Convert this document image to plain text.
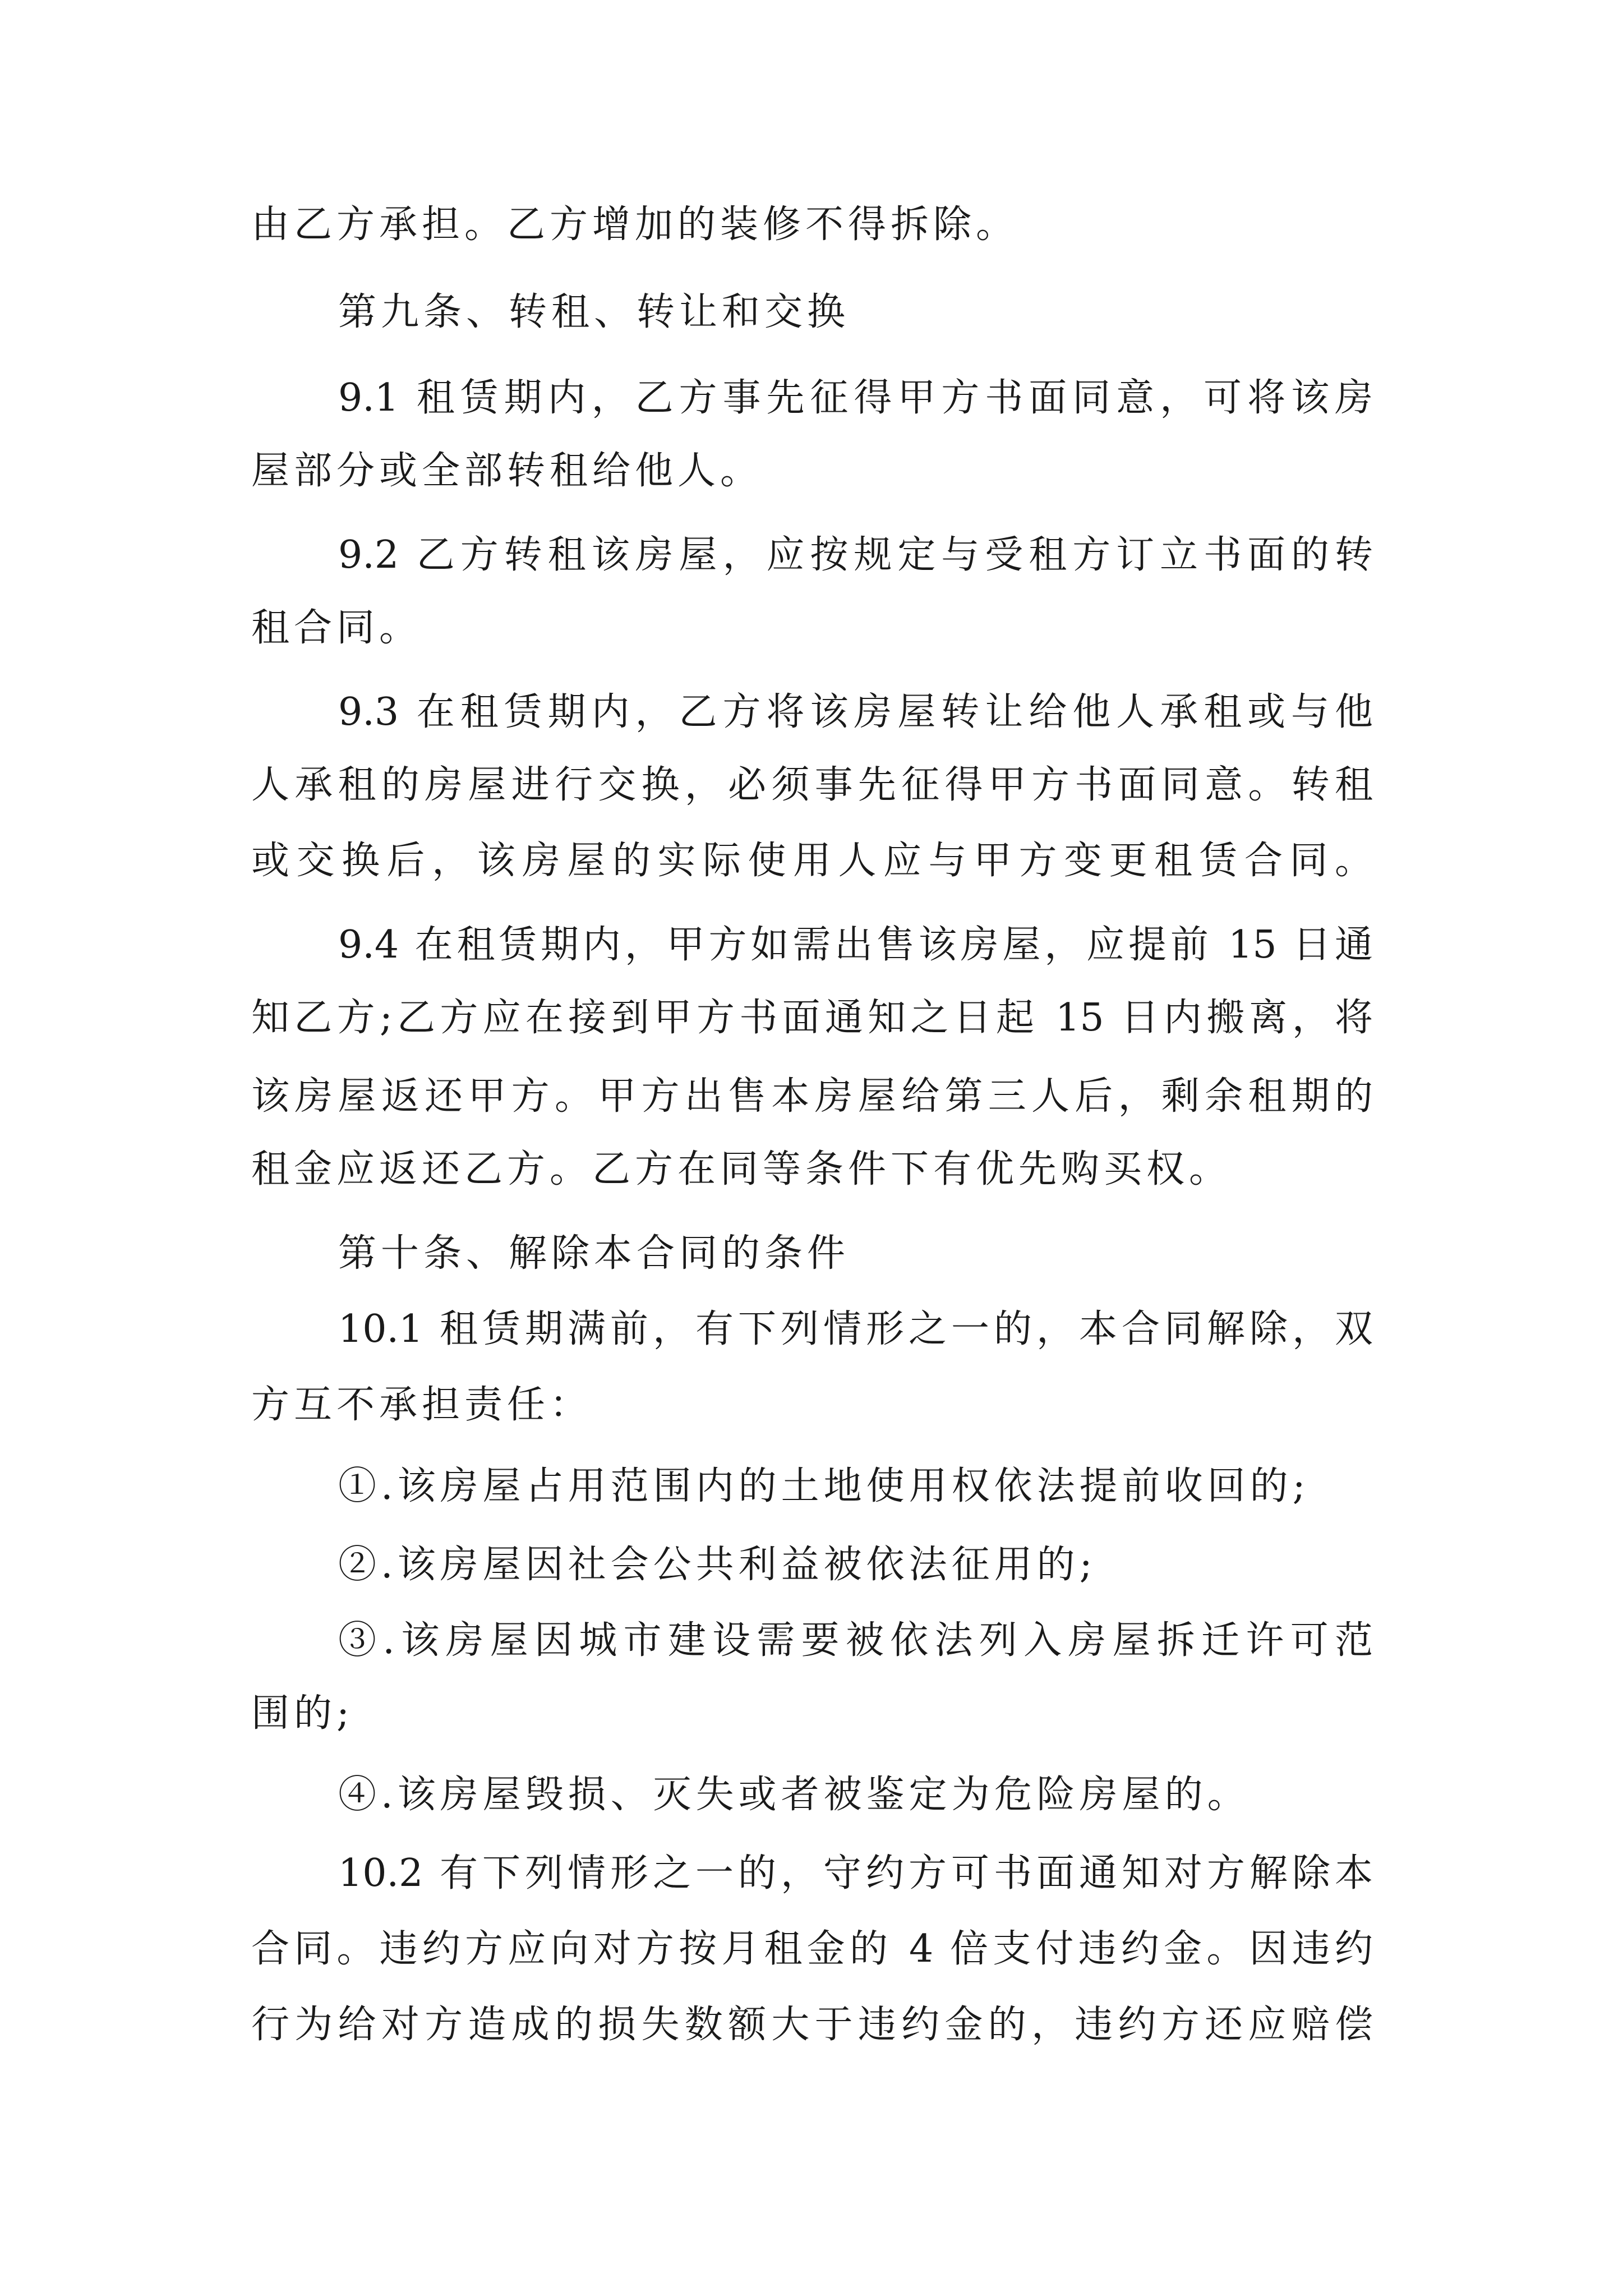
由乙方承担。乙方增加的装修不得拆除。
第九条、转租、转让和交换
9.1 租赁期内，乙方事先征得甲方书面同意，可将该房
屋部分或全部转租给他人。
9.2 乙方转租该房屋，应按规定与受租方订立书面的转
租合同。
9.3 在租赁期内，乙方将该房屋转让给他人承租或与他
人承租的房屋进行交换，必须事先征得甲方书面同意。转租
或交换后，该房屋的实际使用人应与甲方变更租赁合同。
9.4 在租赁期内，甲方如需出售该房屋，应提前 15 日通
知乙方;乙方应在接到甲方书面通知之日起 15 日内搬离，将
该房屋返还甲方。甲方出售本房屋给第三人后，剩余租期的
租金应返还乙方。乙方在同等条件下有优先购买权。
第十条、解除本合同的条件
10.1 租赁期满前，有下列情形之一的，本合同解除，双
方互不承担责任：
①.该房屋占用范围内的土地使用权依法提前收回的;
②.该房屋因社会公共利益被依法征用的;
③.该房屋因城市建设需要被依法列入房屋拆迁许可范
围的;
④.该房屋毁损、灭失或者被鉴定为危险房屋的。
10.2 有下列情形之一的，守约方可书面通知对方解除本
合同。违约方应向对方按月租金的 4 倍支付违约金。因违约
行为给对方造成的损失数额大于违约金的，违约方还应赔偿
